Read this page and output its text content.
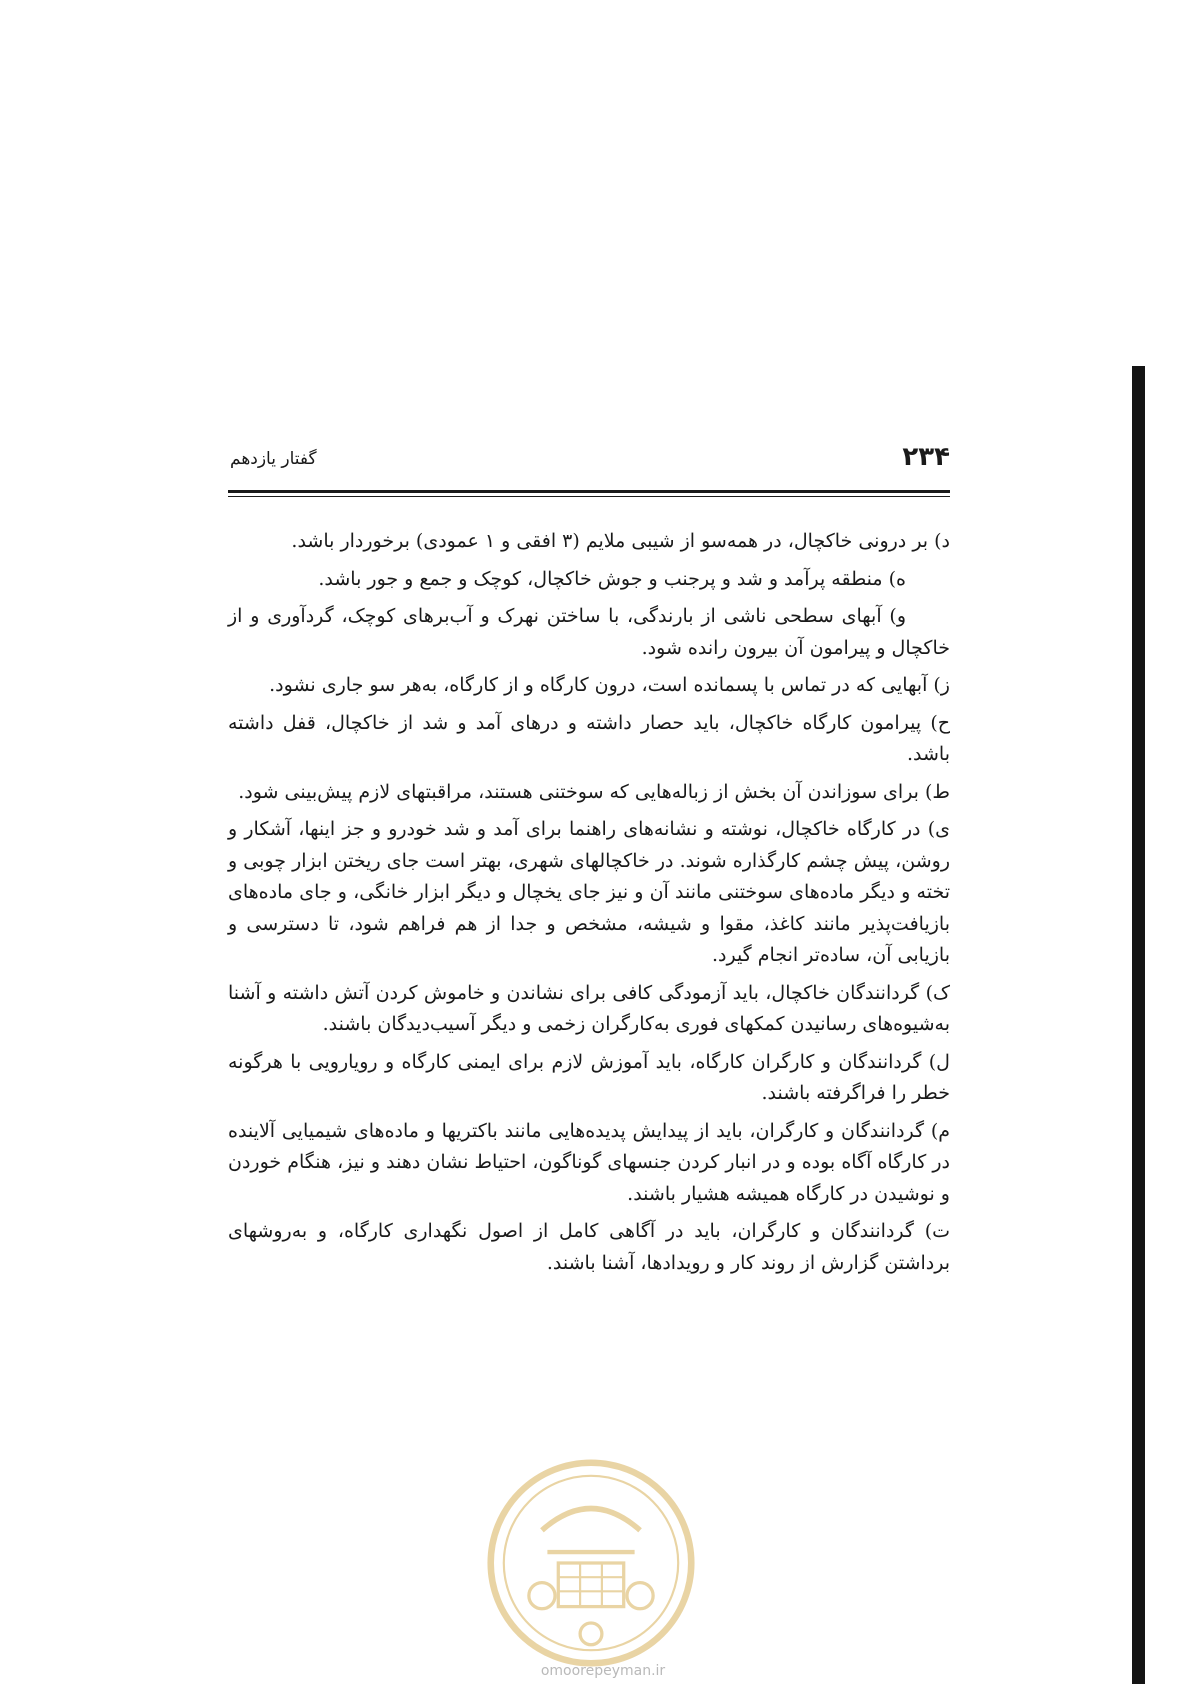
۲۳۴
گفتار یازدهم

د) بر درونی خاکچال، در همه‌سو از شیبی ملایم (۳ افقی و ۱ عمودی) برخوردار باشد.

ه) منطقه پرآمد و شد و پرجنب و جوش خاکچال، کوچک و جمع و جور باشد.

و) آبهای سطحی ناشی از بارندگی، با ساختن نهرک و آب‌برهای کوچک، گردآوری و از خاکچال و پیرامون آن بیرون رانده شود.

ز) آبهایی که در تماس با پسمانده است، درون کارگاه و از کارگاه، به‌هر سو جاری نشود.

ح) پیرامون کارگاه خاکچال، باید حصار داشته و درهای آمد و شد از خاکچال، قفل داشته باشد.

ط) برای سوزاندن آن بخش از زباله‌هایی که سوختنی هستند، مراقبتهای لازم پیش‌بینی شود.

ی) در کارگاه خاکچال، نوشته و نشانه‌های راهنما برای آمد و شد خودرو و جز اینها، آشکار و روشن، پیش چشم کارگذاره شوند. در خاکچالهای شهری، بهتر است جای ریختن ابزار چوبی و تخته و دیگر ماده‌های سوختنی مانند آن و نیز جای یخچال و دیگر ابزار خانگی، و جای ماده‌های بازیافت‌پذیر مانند کاغذ، مقوا و شیشه، مشخص و جدا از هم فراهم شود، تا دسترسی و بازیابی آن، ساده‌تر انجام گیرد.

ک) گردانندگان خاکچال، باید آزمودگی کافی برای نشاندن و خاموش کردن آتش داشته و آشنا به‌شیوه‌های رسانیدن کمکهای فوری به‌کارگران زخمی و دیگر آسیب‌دیدگان باشند.

ل) گردانندگان و کارگران کارگاه، باید آموزش لازم برای ایمنی کارگاه و رویارویی با هرگونه خطر را فراگرفته باشند.

م) گردانندگان و کارگران، باید از پیدایش پدیده‌هایی مانند باکتریها و ماده‌های شیمیایی آلاینده در کارگاه آگاه بوده و در انبار کردن جنسهای گوناگون، احتیاط نشان دهند و نیز، هنگام خوردن و نوشیدن در کارگاه همیشه هشیار باشند.

ت) گردانندگان و کارگران، باید در آگاهی کامل از اصول نگهداری کارگاه، و به‌روشهای برداشتن گزارش از روند کار و رویدادها، آشنا باشند.

omoorepeyman.ir
